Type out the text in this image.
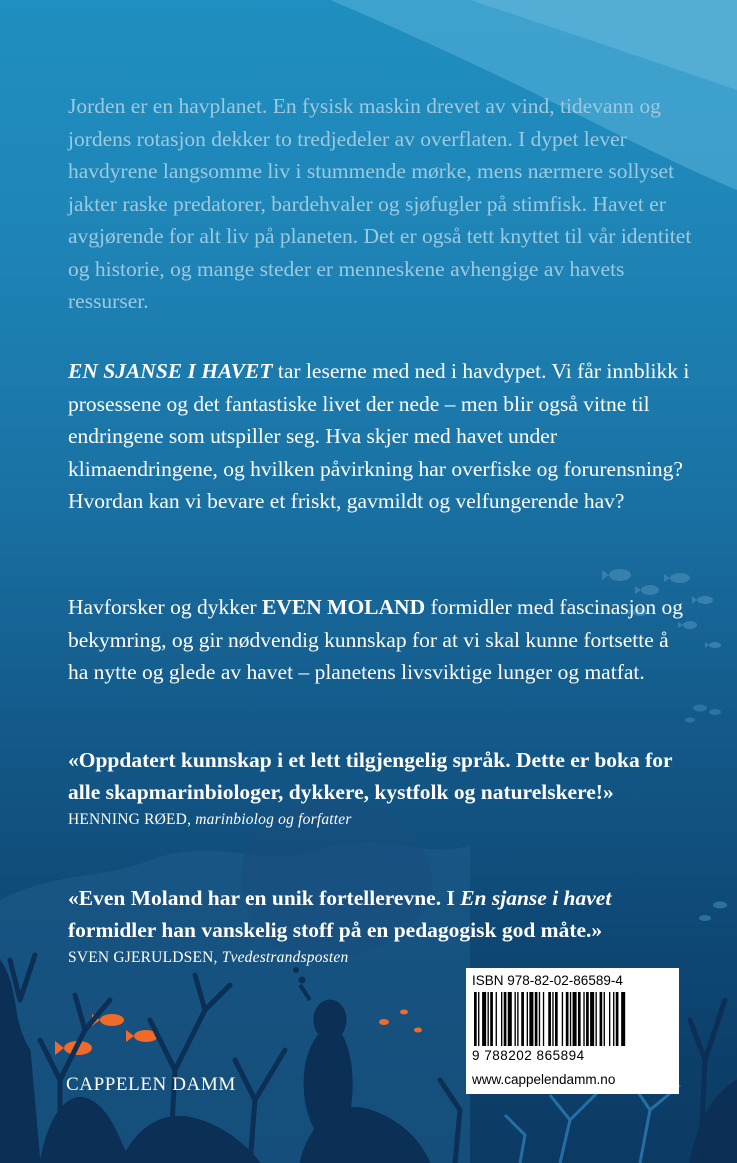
Jorden er en havplanet. En fysisk maskin drevet av vind, tidevann og jordens rotasjon dekker to tredjedeler av overflaten. I dypet lever havdyrene langsomme liv i stummende mørke, mens nærmere sollyset jakter raske predatorer, bardehvaler og sjøfugler på stimfisk. Havet er avgjørende for alt liv på planeten. Det er også tett knyttet til vår identitet og historie, og mange steder er menneskene avhengige av havets ressurser.
EN SJANSE I HAVET tar leserne med ned i havdypet. Vi får innblikk i prosessene og det fantastiske livet der nede – men blir også vitne til endringene som utspiller seg. Hva skjer med havet under klimaendringene, og hvilken påvirkning har overfiske og forurensning? Hvordan kan vi bevare et friskt, gavmildt og velfungerende hav?
Havforsker og dykker EVEN MOLAND formidler med fascinasjon og bekymring, og gir nødvendig kunnskap for at vi skal kunne fortsette å ha nytte og glede av havet – planetens livsviktige lunger og matfat.
«Oppdatert kunnskap i et lett tilgjengelig språk. Dette er boka for alle skapmarinbiologer, dykkere, kystfolk og naturelskere!»
HENNING RØED, marinbiolog og forfatter
«Even Moland har en unik fortellerevne. I En sjanse i havet formidler han vanskelig stoff på en pedagogisk god måte.»
SVEN GJERULDSEN, Tvedestrandsposten
CAPPELEN DAMM
ISBN 978-82-02-86589-4
9 788202 865894
www.cappelendamm.no
